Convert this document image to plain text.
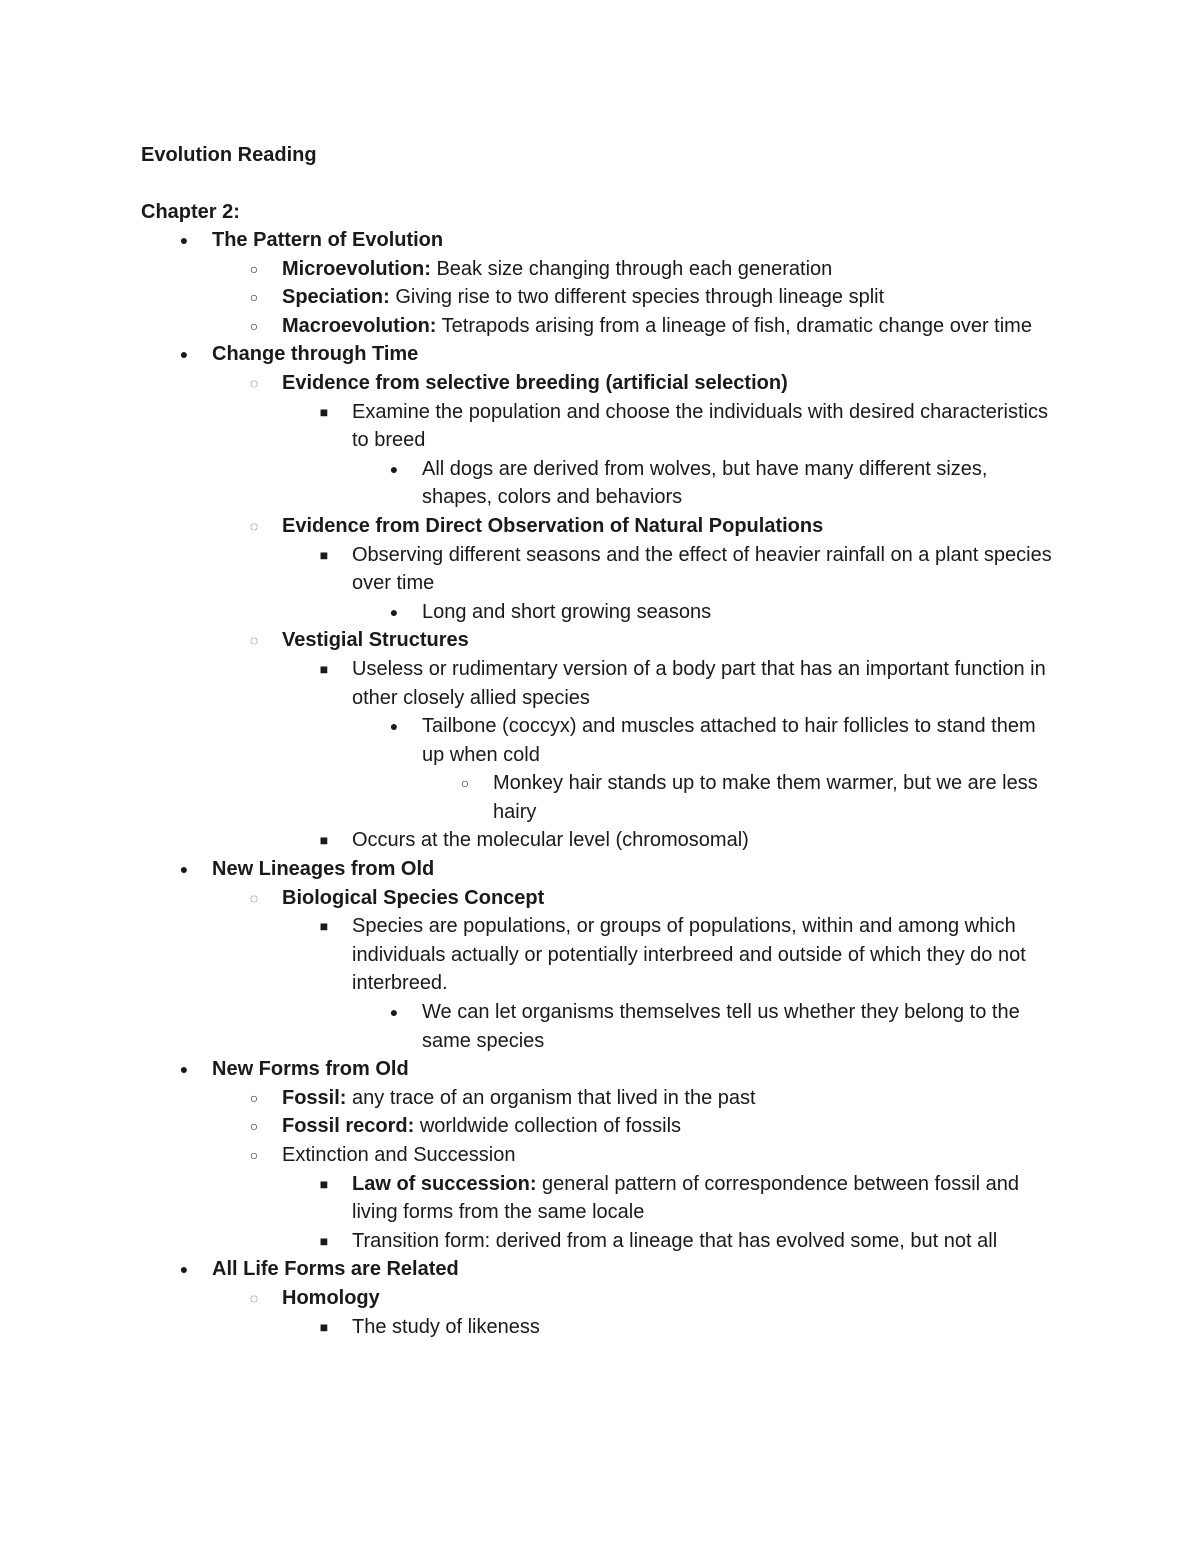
Evolution Reading
Chapter 2:
● The Pattern of Evolution
○ Microevolution: Beak size changing through each generation
○ Speciation: Giving rise to two different species through lineage split
○ Macroevolution: Tetrapods arising from a lineage of fish, dramatic change over time
● Change through Time
◌ Evidence from selective breeding (artificial selection)
■ Examine the population and choose the individuals with desired characteristics to breed
● All dogs are derived from wolves, but have many different sizes, shapes, colors and behaviors
◌ Evidence from Direct Observation of Natural Populations
■ Observing different seasons and the effect of heavier rainfall on a plant species over time
● Long and short growing seasons
◌ Vestigial Structures
■ Useless or rudimentary version of a body part that has an important function in other closely allied species
● Tailbone (coccyx) and muscles attached to hair follicles to stand them up when cold
○ Monkey hair stands up to make them warmer, but we are less hairy
■ Occurs at the molecular level (chromosomal)
● New Lineages from Old
◌ Biological Species Concept
■ Species are populations, or groups of populations, within and among which individuals actually or potentially interbreed and outside of which they do not interbreed.
● We can let organisms themselves tell us whether they belong to the same species
● New Forms from Old
○ Fossil: any trace of an organism that lived in the past
○ Fossil record: worldwide collection of fossils
○ Extinction and Succession
■ Law of succession: general pattern of correspondence between fossil and living forms from the same locale
■ Transition form: derived from a lineage that has evolved some, but not all
● All Life Forms are Related
◌ Homology
■ The study of likeness
